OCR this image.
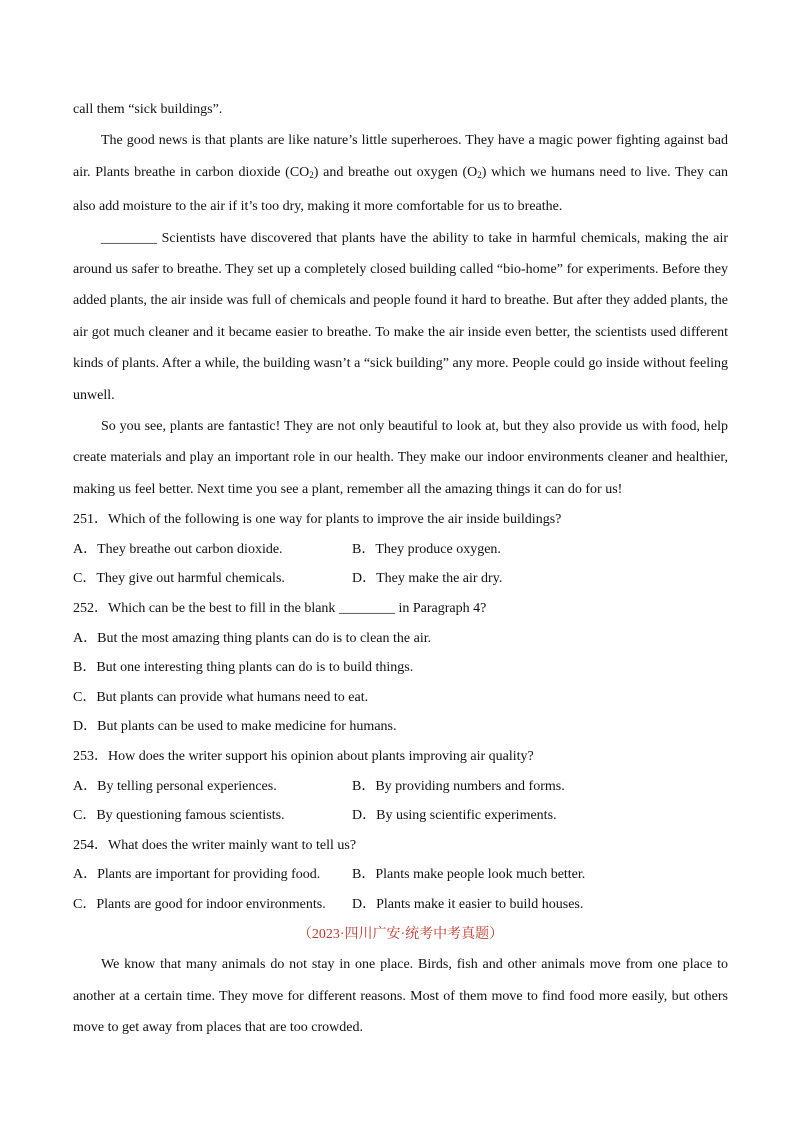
call them “sick buildings”.

The good news is that plants are like nature’s little superheroes. They have a magic power fighting against bad air. Plants breathe in carbon dioxide $(CO_2)$ and breathe out oxygen $(O_2)$ which we humans need to live. They can also add moisture to the air if it’s too dry, making it more comfortable for us to breathe.

________ Scientists have discovered that plants have the ability to take in harmful chemicals, making the air around us safer to breathe. They set up a completely closed building called “bio-home” for experiments. Before they added plants, the air inside was full of chemicals and people found it hard to breathe. But after they added plants, the air got much cleaner and it became easier to breathe. To make the air inside even better, the scientists used different kinds of plants. After a while, the building wasn’t a “sick building” any more. People could go inside without feeling unwell.

So you see, plants are fantastic! They are not only beautiful to look at, but they also provide us with food, help create materials and play an important role in our health. They make our indoor environments cleaner and healthier, making us feel better. Next time you see a plant, remember all the amazing things it can do for us!

251．Which of the following is one way for plants to improve the air inside buildings?

A．They breathe out carbon dioxide.	B．They produce oxygen.
C．They give out harmful chemicals.	D．They make the air dry.

252．Which can be the best to fill in the blank ________ in Paragraph 4?

A．But the most amazing thing plants can do is to clean the air.

B．But one interesting thing plants can do is to build things.

C．But plants can provide what humans need to eat.

D．But plants can be used to make medicine for humans.

253．How does the writer support his opinion about plants improving air quality?

A．By telling personal experiences.	B．By providing numbers and forms.
C．By questioning famous scientists.	D．By using scientific experiments.

254．What does the writer mainly want to tell us?

A．Plants are important for providing food.	B．Plants make people look much better.
C．Plants are good for indoor environments.	D．Plants make it easier to build houses.

（2023·四川广安·统考中考真题）

We know that many animals do not stay in one place. Birds, fish and other animals move from one place to another at a certain time. They move for different reasons. Most of them move to find food more easily, but others move to get away from places that are too crowded.
